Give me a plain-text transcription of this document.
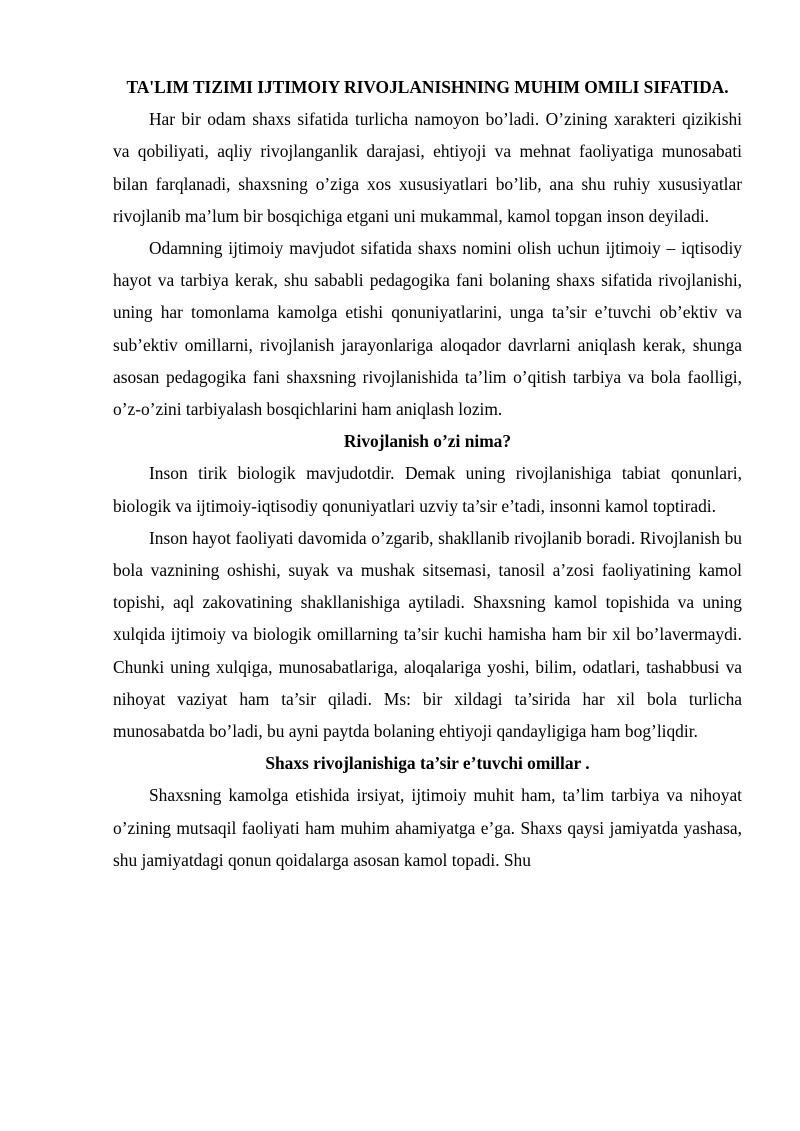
TA'LIM TIZIMI IJTIMOIY RIVOJLANISHNING MUHIM OMILI SIFATIDA.

Har bir odam shaxs sifatida turlicha namoyon bo’ladi. O’zining xarakteri qizikishi va qobiliyati, aqliy rivojlanganlik darajasi, ehtiyoji va mehnat faoliyatiga munosabati bilan farqlanadi, shaxsning o’ziga xos xususiyatlari bo’lib, ana shu ruhiy xususiyatlar rivojlanib ma’lum bir bosqichiga etgani uni mukammal, kamol topgan inson deyiladi.

Odamning ijtimoiy mavjudot sifatida shaxs nomini olish uchun ijtimoiy – iqtisodiy hayot va tarbiya kerak, shu sababli pedagogika fani bolaning shaxs sifatida rivojlanishi, uning har tomonlama kamolga etishi qonuniyatlarini, unga ta’sir e’tuvchi ob’ektiv va sub’ektiv omillarni, rivojlanish jarayonlariga aloqador davrlarni aniqlash kerak, shunga asosan pedagogika fani shaxsning rivojlanishida ta’lim o’qitish tarbiya va bola faolligi, o’z-o’zini tarbiyalash bosqichlarini ham aniqlash lozim.

Rivojlanish o’zi nima?

Inson tirik biologik mavjudotdir. Demak uning rivojlanishiga tabiat qonunlari, biologik va ijtimoiy-iqtisodiy qonuniyatlari uzviy ta’sir e’tadi, insonni kamol toptiradi.

Inson hayot faoliyati davomida o’zgarib, shakllanib rivojlanib boradi. Rivojlanish bu bola vaznining oshishi, suyak va mushak sitsemasi, tanosil a’zosi faoliyatining kamol topishi, aql zakovatining shakllanishiga aytiladi. Shaxsning kamol topishida va uning xulqida ijtimoiy va biologik omillarning ta’sir kuchi hamisha ham bir xil bo’lavermaydi. Chunki uning xulqiga, munosabatlariga, aloqalariga yoshi, bilim, odatlari, tashabbusi va nihoyat vaziyat ham ta’sir qiladi. Ms: bir xildagi ta’sirida har xil bola turlicha munosabatda bo’ladi, bu ayni paytda bolaning ehtiyoji qandayligiga ham bog’liqdir.

Shaxs rivojlanishiga ta’sir e’tuvchi omillar .

Shaxsning kamolga etishida irsiyat, ijtimoiy muhit ham, ta’lim tarbiya va nihoyat o’zining mutsaqil faoliyati ham muhim ahamiyatga e’ga. Shaxs qaysi jamiyatda yashasa, shu jamiyatdagi qonun qoidalarga asosan kamol topadi. Shu
